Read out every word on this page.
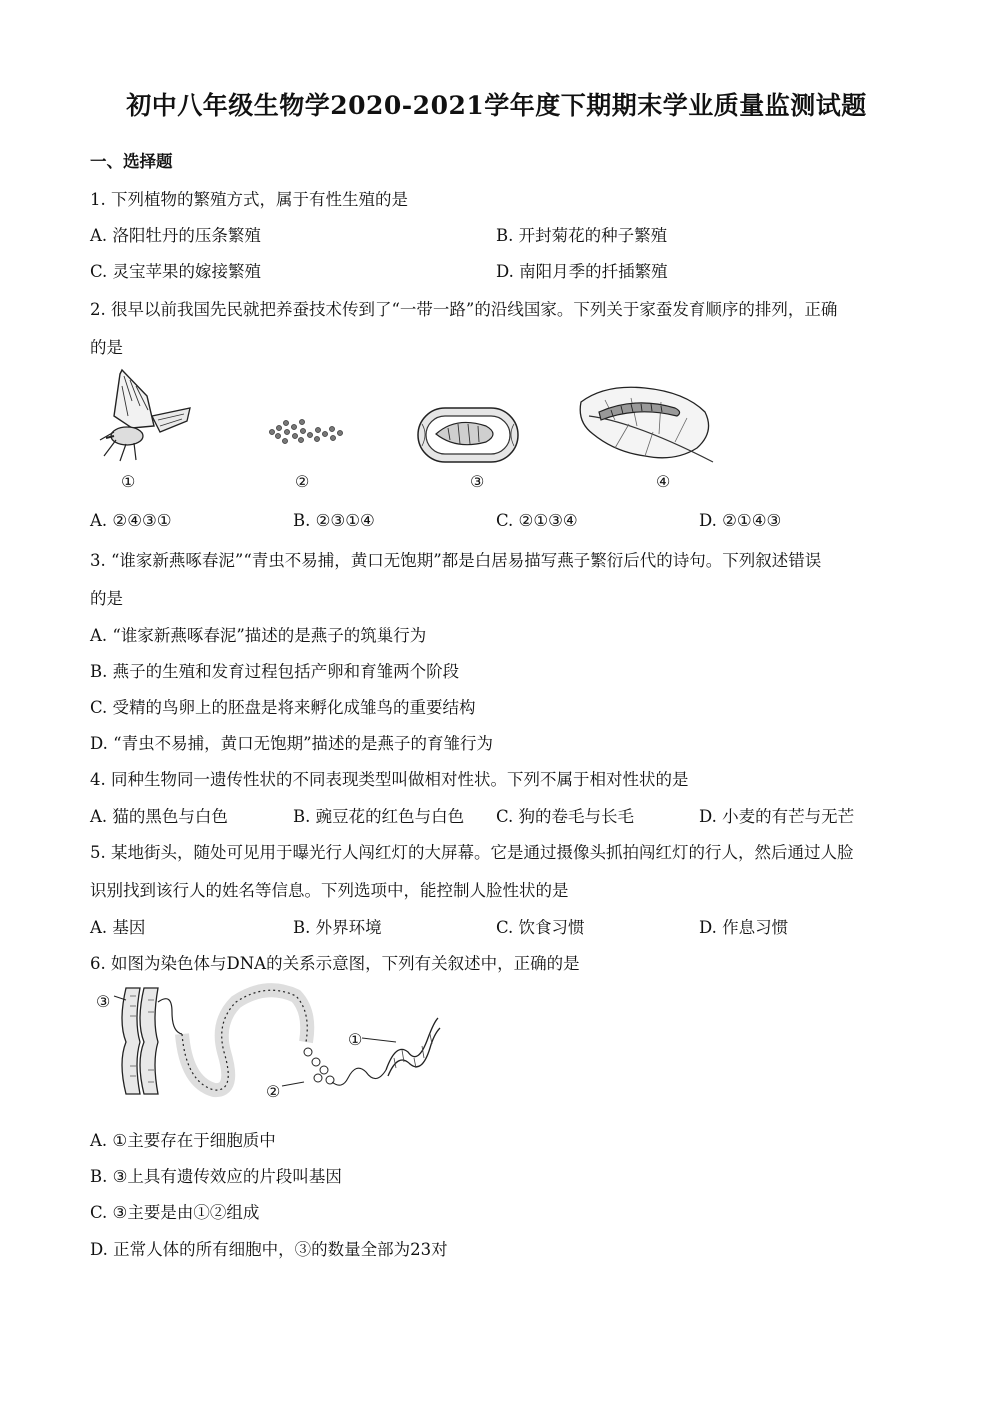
初中八年级生物学2020-2021学年度下期期末学业质量监测试题
一、选择题
1. 下列植物的繁殖方式，属于有性生殖的是
A. 洛阳牡丹的压条繁殖	B. 开封菊花的种子繁殖
C. 灵宝苹果的嫁接繁殖	D. 南阳月季的扦插繁殖
2. 很早以前我国先民就把养蚕技术传到了“一带一路”的沿线国家。下列关于家蚕发育顺序的排列，正确
的是
①	②	③	④
A. ②④③①	B. ②③①④	C. ②①③④	D. ②①④③
3. “谁家新燕啄春泥”“青虫不易捕，黄口无饱期”都是白居易描写燕子繁衍后代的诗句。下列叙述错误
的是
A. “谁家新燕啄春泥”描述的是燕子的筑巢行为
B. 燕子的生殖和发育过程包括产卵和育雏两个阶段
C. 受精的鸟卵上的胚盘是将来孵化成雏鸟的重要结构
D. “青虫不易捕，黄口无饱期”描述的是燕子的育雏行为
4. 同种生物同一遗传性状的不同表现类型叫做相对性状。下列不属于相对性状的是
A. 猫的黑色与白色	B. 豌豆花的红色与白色 C. 狗的卷毛与长毛	D. 小麦的有芒与无芒
5. 某地街头，随处可见用于曝光行人闯红灯的大屏幕。它是通过摄像头抓拍闯红灯的行人，然后通过人脸
识别找到该行人的姓名等信息。下列选项中，能控制人脸性状的是
A. 基因	B. 外界环境	C. 饮食习惯	D. 作息习惯
6. 如图为染色体与DNA的关系示意图，下列有关叙述中，正确的是
③
①
②
A. ①主要存在于细胞质中
B. ③上具有遗传效应的片段叫基因
C. ③主要是由①②组成
D. 正常人体的所有细胞中，③的数量全部为23对
